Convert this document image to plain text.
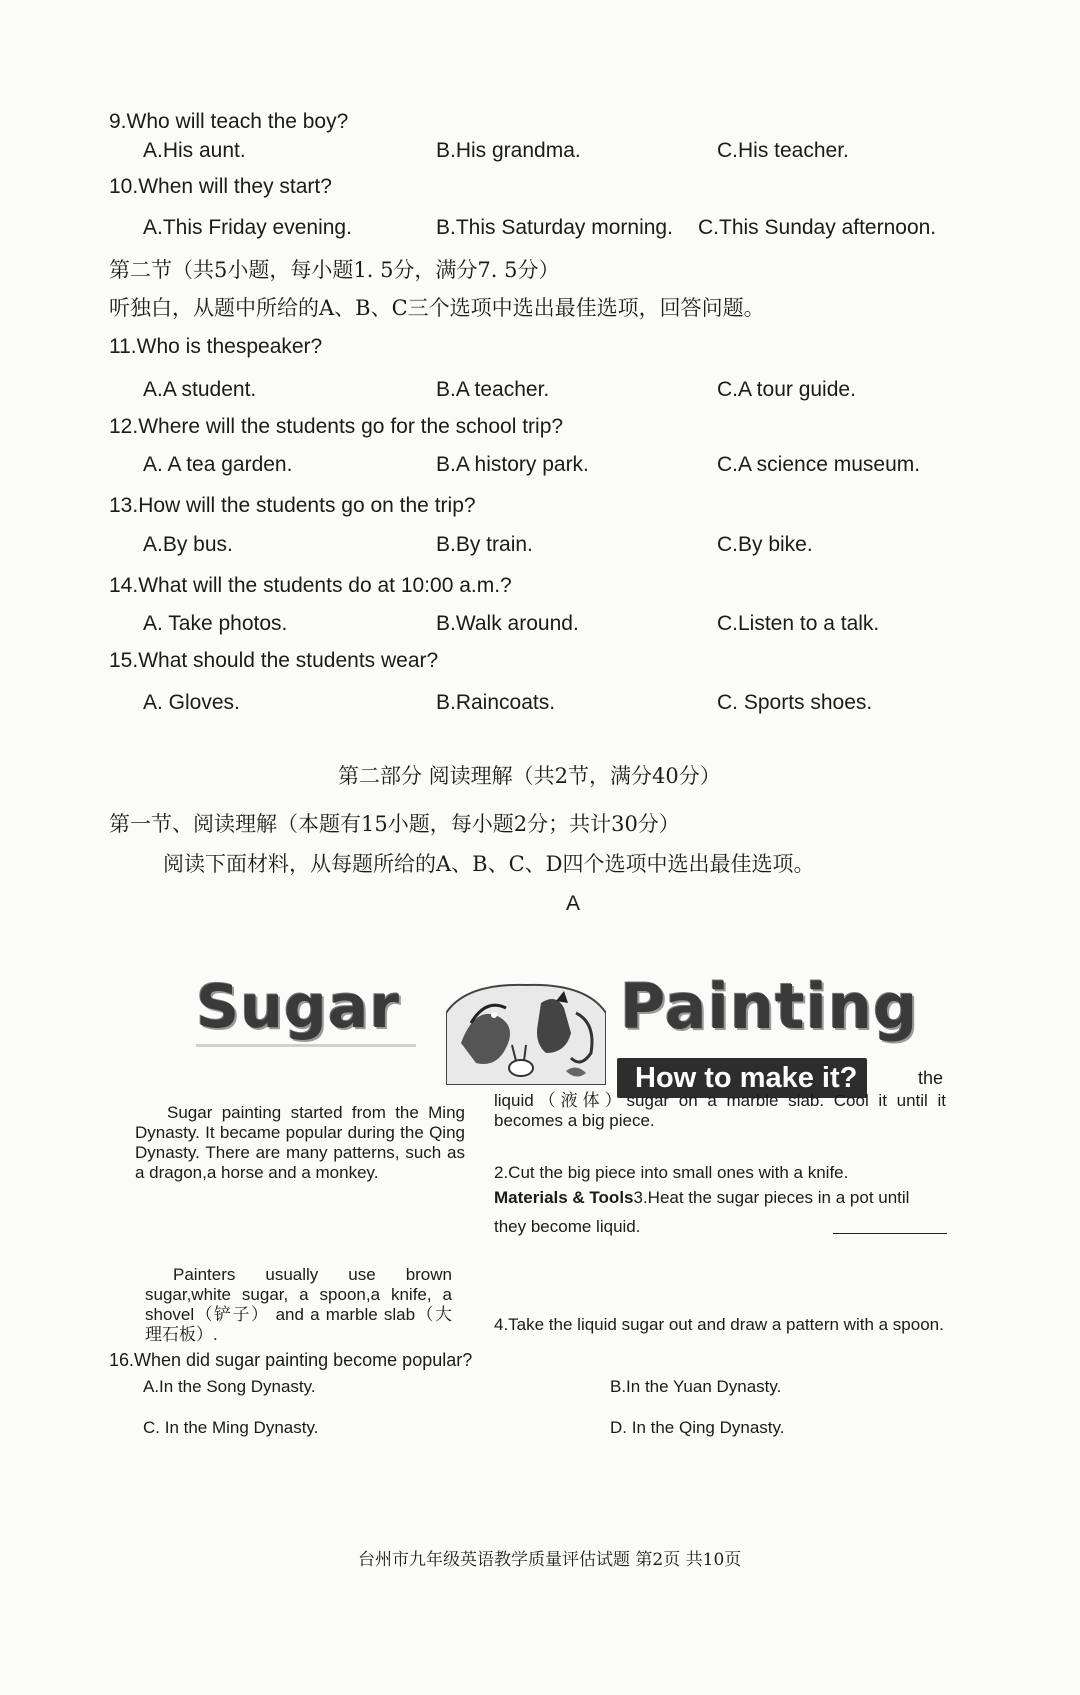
9.Who will teach the boy?
A.His aunt.	B.His grandma.	C.His teacher.
10.When will they start?
A.This Friday evening.	B.This Saturday morning. C.This Sunday afternoon.
第二节（共5小题，每小题1. 5分，满分7. 5分）
听独白，从题中所给的A、B、C三个选项中选出最佳选项，回答问题。
11.Who is thespeaker?
A.A student.	B.A teacher.	C.A tour guide.
12.Where will the students go for the school trip?
A. A tea garden.	B.A history park.	C.A science museum.
13.How will the students go on the trip?
A.By bus.	B.By train.	C.By bike.
14.What will the students do at 10:00 a.m.?
A. Take photos.	B.Walk around.	C.Listen to a talk.
15.What should the students wear?
A. Gloves.	B.Raincoats.	C. Sports shoes.
第二部分 阅读理解（共2节，满分40分）
第一节、阅读理解（本题有15小题，每小题2分；共计30分）
阅读下面材料，从每题所给的A、B、C、D四个选项中选出最佳选项。
A
Sugar	Painting
How to make it?	the
Sugar painting started from the Ming Dynasty. It became popular during the Qing Dynasty. There are many patterns, such as a dragon,a horse and a monkey.
Painters usually use brown sugar,white sugar, a spoon,a knife, a shovel（铲子） and a marble slab（大理石板）.
liquid（液体）sugar on a marble slab. Cool it until it becomes a big piece.
2.Cut the big piece into small ones with a knife.
Materials & Tools3.Heat the sugar pieces in a pot until
they become liquid.
4.Take the liquid sugar out and draw a pattern with a spoon.
16.When did sugar painting become popular?
A.In the Song Dynasty.	B.In the Yuan Dynasty.
C. In the Ming Dynasty.	D. In the Qing Dynasty.
台州市九年级英语教学质量评估试题 第2页 共10页
